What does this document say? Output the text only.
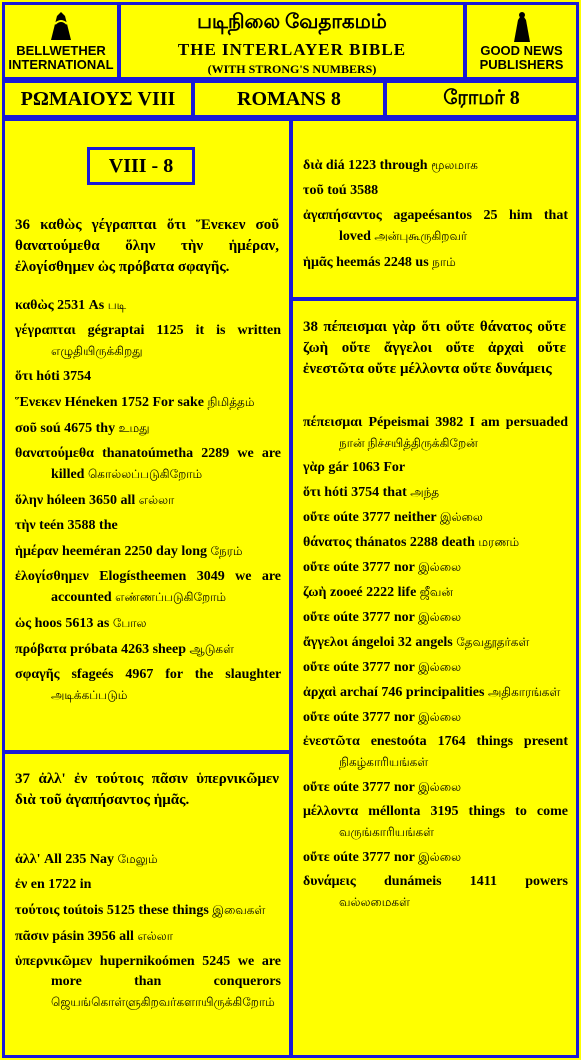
BELLWETHER INTERNATIONAL
படிநிலை வேதாகமம்
THE INTERLAYER BIBLE
(WITH STRONG'S NUMBERS)
GOOD NEWS PUBLISHERS
ΡΩΜΑΙΟΥΣ VIII	ROMANS 8	ரோமர் 8
VIII - 8
36 καθὼς γέγραπται ὅτι Ἕνεκεν σοῦ θανατούμεθα ὅλην τὴν ἡμέραν, ἐλογίσθημεν ὡς πρόβατα σφαγῆς.
καθὼς 2531 As படி
γέγραπται gégraptai 1125 it is written எழுதியிருக்கிறது
ὅτι hóti 3754
Ἕνεκεν Héneken 1752 For sake நிமித்தம்
σοῦ soú 4675 thy உமது
θανατούμεθα thanatoúmetha 2289 we are killed கொல்லப்படுகிறோம்
ὅλην hóleen 3650 all எல்லா
τὴν teén 3588 the
ἡμέραν heeméran 2250 day long நேரம்
ἐλογίσθημεν Elogístheemen 3049 we are accounted எண்ணப்படுகிறோம்
ὡς hoos 5613 as போல
πρόβατα próbata 4263 sheep ஆடுகள்
σφαγῆς sfageés 4967 for the slaughter அடிக்கப்படும்
37 ἀλλ' ἐν τούτοις πᾶσιν ὑπερνικῶμεν διὰ τοῦ ἀγαπήσαντος ἡμᾶς.
ἀλλ' All 235 Nay மேலும்
ἐν en 1722 in
τούτοις toútois 5125 these things இவைகள்
πᾶσιν pásin 3956 all எல்லா
ὑπερνικῶμεν hupernikoómen 5245 we are more than conquerors ஜெயங்கொள்ளுகிறவர்களாயிருக்கிறோம்
διὰ diá 1223 through மூலமாக
τοῦ toú 3588
ἀγαπήσαντος agapeésantos 25 him that loved அன்புகூருகிறவர்
ἡμᾶς heemás 2248 us நாம்
38 πέπεισμαι γὰρ ὅτι οὔτε θάνατος οὔτε ζωὴ οὔτε ἄγγελοι οὔτε ἀρχαὶ οὔτε ἐνεστῶτα οὔτε μέλλοντα οὔτε δυνάμεις
πέπεισμαι Pépeismai 3982 I am persuaded நான் நிச்சயித்திருக்கிறேன்
γὰρ gár 1063 For
ὅτι hóti 3754 that அந்த
οὔτε oúte 3777 neither இல்லை
θάνατος thánatos 2288 death மரணம்
οὔτε oúte 3777 nor இல்லை
ζωὴ zooeé 2222 life ஜீவன்
οὔτε oúte 3777 nor இல்லை
ἄγγελοι ángeloi 32 angels தேவதூதர்கள்
οὔτε oúte 3777 nor இல்லை
ἀρχαὶ archaí 746 principalities அதிகாரங்கள்
οὔτε oúte 3777 nor இல்லை
ἐνεστῶτα enestoóta 1764 things present நிகழ்காரியங்கள்
οὔτε oúte 3777 nor இல்லை
μέλλοντα méllonta 3195 things to come வருங்காரியங்கள்
οὔτε oúte 3777 nor இல்லை
δυνάμεις dunámeis 1411 powers வல்லமைகள்
